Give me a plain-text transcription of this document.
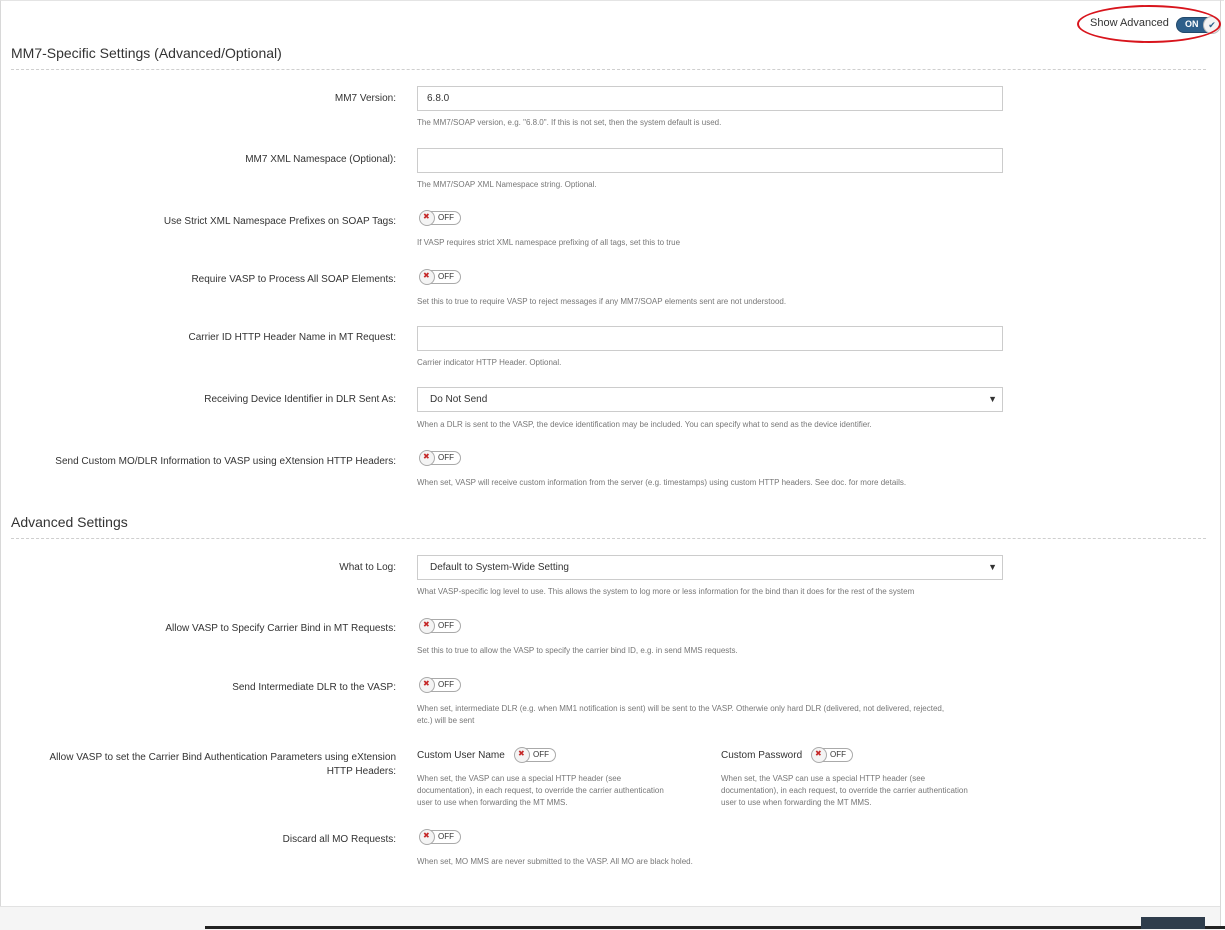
Show Advanced ON	✔
MM7-Specific Settings (Advanced/Optional)
MM7 Version:	6.8.0
The MM7/SOAP version, e.g. "6.8.0". If this is not set, then the system default is used.
MM7 XML Namespace (Optional):
The MM7/SOAP XML Namespace string. Optional.
Use Strict XML Namespace Prefixes on SOAP Tags: ✖	OFF
If VASP requires strict XML namespace prefixing of all tags, set this to true
Require VASP to Process All SOAP Elements: ✖	OFF
Set this to true to require VASP to reject messages if any MM7/SOAP elements sent are not understood.
Carrier ID HTTP Header Name in MT Request:
Carrier indicator HTTP Header. Optional.
Receiving Device Identifier in DLR Sent As:	Do Not Send	▼
When a DLR is sent to the VASP, the device identification may be included. You can specify what to send as the device identifier.
Send Custom MO/DLR Information to VASP using eXtension HTTP Headers: ✖	OFF
When set, VASP will receive custom information from the server (e.g. timestamps) using custom HTTP headers. See doc. for more details.
Advanced Settings
What to Log:	Default to System-Wide Setting	▼
What VASP-specific log level to use. This allows the system to log more or less information for the bind than it does for the rest of the system
Allow VASP to Specify Carrier Bind in MT Requests: ✖	OFF
Set this to true to allow the VASP to specify the carrier bind ID, e.g. in send MMS requests.
Send Intermediate DLR to the VASP: ✖	OFF
When set, intermediate DLR (e.g. when MM1 notification is sent) will be sent to the VASP. Otherwie only hard DLR (delivered, not delivered, rejected,
etc.) will be sent
Allow VASP to set the Carrier Bind Authentication Parameters using eXtension
HTTP Headers:
Custom User Name ✖	OFF
When set, the VASP can use a special HTTP header (see
documentation), in each request, to override the carrier authentication
user to use when forwarding the MT MMS.
Custom Password ✖	OFF
When set, the VASP can use a special HTTP header (see
documentation), in each request, to override the carrier authentication
user to use when forwarding the MT MMS.
Discard all MO Requests: ✖	OFF
When set, MO MMS are never submitted to the VASP. All MO are black holed.
